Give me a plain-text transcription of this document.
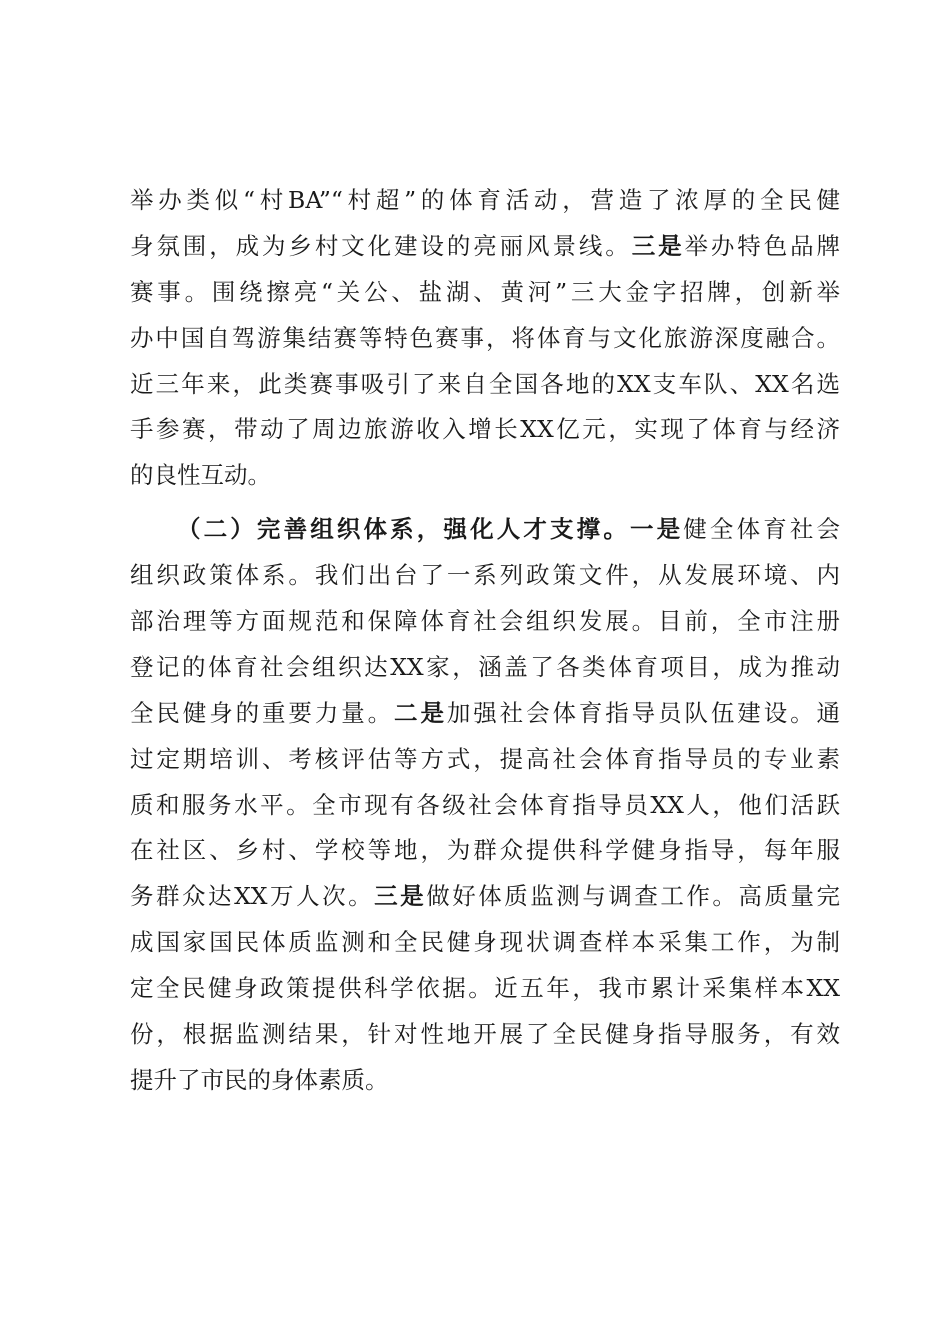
举办类似“村BA”“村超”的体育活动，营造了浓厚的全民健
身氛围，成为乡村文化建设的亮丽风景线。三是举办特色品牌
赛事。围绕擦亮“关公、盐湖、黄河”三大金字招牌，创新举
办中国自驾游集结赛等特色赛事，将体育与文化旅游深度融合。
近三年来，此类赛事吸引了来自全国各地的XX支车队、XX名选
手参赛，带动了周边旅游收入增长XX亿元，实现了体育与经济
的良性互动。
（二）完善组织体系，强化人才支撑。一是健全体育社会
组织政策体系。我们出台了一系列政策文件，从发展环境、内
部治理等方面规范和保障体育社会组织发展。目前，全市注册
登记的体育社会组织达XX家，涵盖了各类体育项目，成为推动
全民健身的重要力量。二是加强社会体育指导员队伍建设。通
过定期培训、考核评估等方式，提高社会体育指导员的专业素
质和服务水平。全市现有各级社会体育指导员XX人，他们活跃
在社区、乡村、学校等地，为群众提供科学健身指导，每年服
务群众达XX万人次。三是做好体质监测与调查工作。高质量完
成国家国民体质监测和全民健身现状调查样本采集工作，为制
定全民健身政策提供科学依据。近五年，我市累计采集样本XX
份，根据监测结果，针对性地开展了全民健身指导服务，有效
提升了市民的身体素质。
